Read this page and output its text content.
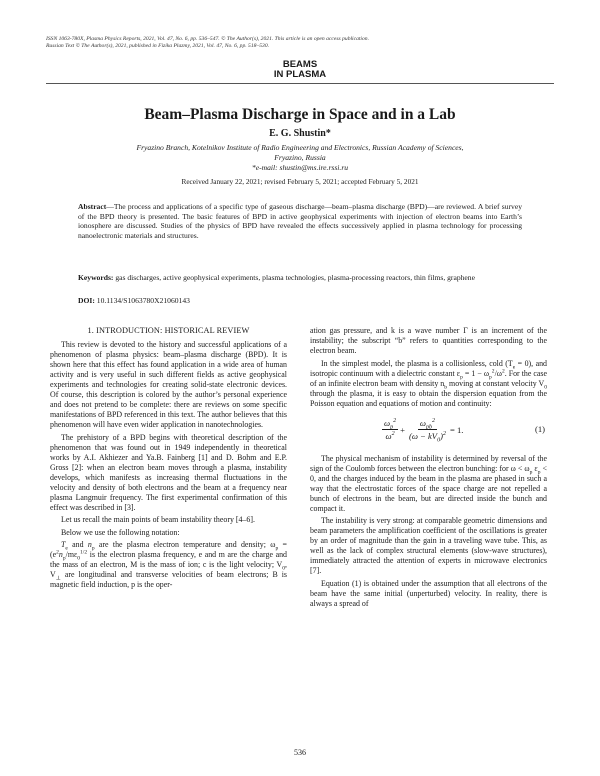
ISSN 1063-780X, Plasma Physics Reports, 2021, Vol. 47, No. 6, pp. 536–547. © The Author(s), 2021. This article is an open access publication.
Russian Text © The Author(s), 2021, published in Fizika Plazmy, 2021, Vol. 47, No. 6, pp. 518–530.
BEAMS
IN PLASMA
Beam–Plasma Discharge in Space and in a Lab
E. G. Shustin*
Fryazino Branch, Kotelnikov Institute of Radio Engineering and Electronics, Russian Academy of Sciences,
Fryazino, Russia
*e-mail: shustin@ms.ire.rssi.ru
Received January 22, 2021; revised February 5, 2021; accepted February 5, 2021
Abstract—The process and applications of a specific type of gaseous discharge—beam–plasma discharge (BPD)—are reviewed. A brief survey of the BPD theory is presented. The basic features of BPD in active geophysical experiments with injection of electron beams into Earth’s ionosphere are discussed. Studies of the physics of BPD have revealed the effects successively applied in plasma technology for processing nanoelectronic materials and structures.
Keywords: gas discharges, active geophysical experiments, plasma technologies, plasma-processing reactors, thin films, graphene
DOI: 10.1134/S1063780X21060143
1. INTRODUCTION: HISTORICAL REVIEW

This review is devoted to the history and successful applications of a phenomenon of plasma physics: beam–plasma discharge (BPD). It is shown here that this effect has found application in a wide area of human activity and is very useful in such different fields as active geophysical experiments and technologies for creating solid-state electronic devices. Of course, this description is colored by the author’s personal experience and does not pretend to be complete: there are reviews on some specific manifestations of BPD referenced in this text. The author believes that this phenomenon will have even wider application in nanotechnologies.

The prehistory of a BPD begins with theoretical description of the phenomenon that was found out in 1949 independently in theoretical works by A.I. Akhiezer and Ya.B. Fainberg [1] and D. Bohm and E.P. Gross [2]: when an electron beam moves through a plasma, instability develops, which manifests as increasing thermal fluctuations in the velocity and density of both electrons and the beam at a frequency near plasma Langmuir frequency. The first experimental confirmation of this effect was described in [3].

Let us recall the main points of beam instability theory [4–6].

Below we use the following notation:

$T_e$ and $n_p$ are the plasma electron temperature and density; $\omega_p = (e^2n_p/m\varepsilon_0^{1/2}$ is the electron plasma frequency, e and m are the charge and the mass of an electron, M is the mass of ion; c is the light velocity; $V_0$, $V_\perp$ are longitudinal and transverse velocities of beam electrons; B is magnetic field induction, p is the oper-

ation gas pressure, and k is a wave number Γ is an increment of the instability; the subscript “b” refers to quantities corresponding to the electron beam.

In the simplest model, the plasma is a collisionless, cold $(T_e = 0)$, and isotropic continuum with a dielectric constant $\varepsilon_p = 1 - \omega_p^2/\omega^2$. For the case of an infinite electron beam with density $n_b$ moving at constant velocity $V_0$ through the plasma, it is easy to obtain the dispersion equation from the Poisson equation and equations of motion and continuity:

$\frac{\omega_p^2}{\omega^2} + \frac{\omega_{pb}^2}{(\omega - kV_0)^2} = 1$.	(1)

The physical mechanism of instability is determined by reversal of the sign of the Coulomb forces between the electron bunching: for $\omega < \omega_p$ $\varepsilon_p < 0$, and the charges induced by the beam in the plasma are phased in such a way that the electrostatic forces of the space charge are not repelled a bunch of electrons in the beam, but are directed inside the bunch and compact it.

The instability is very strong: at comparable geometric dimensions and beam parameters the amplification coefficient of the oscillations is greater by an order of magnitude than the gain in a traveling wave tube. This, as well as the lack of complex structural elements (slow-wave structures), immediately attracted the attention of experts in microwave electronics [7].

Equation (1) is obtained under the assumption that all electrons of the beam have the same initial (unperturbed) velocity. In reality, there is always a spread of

536
